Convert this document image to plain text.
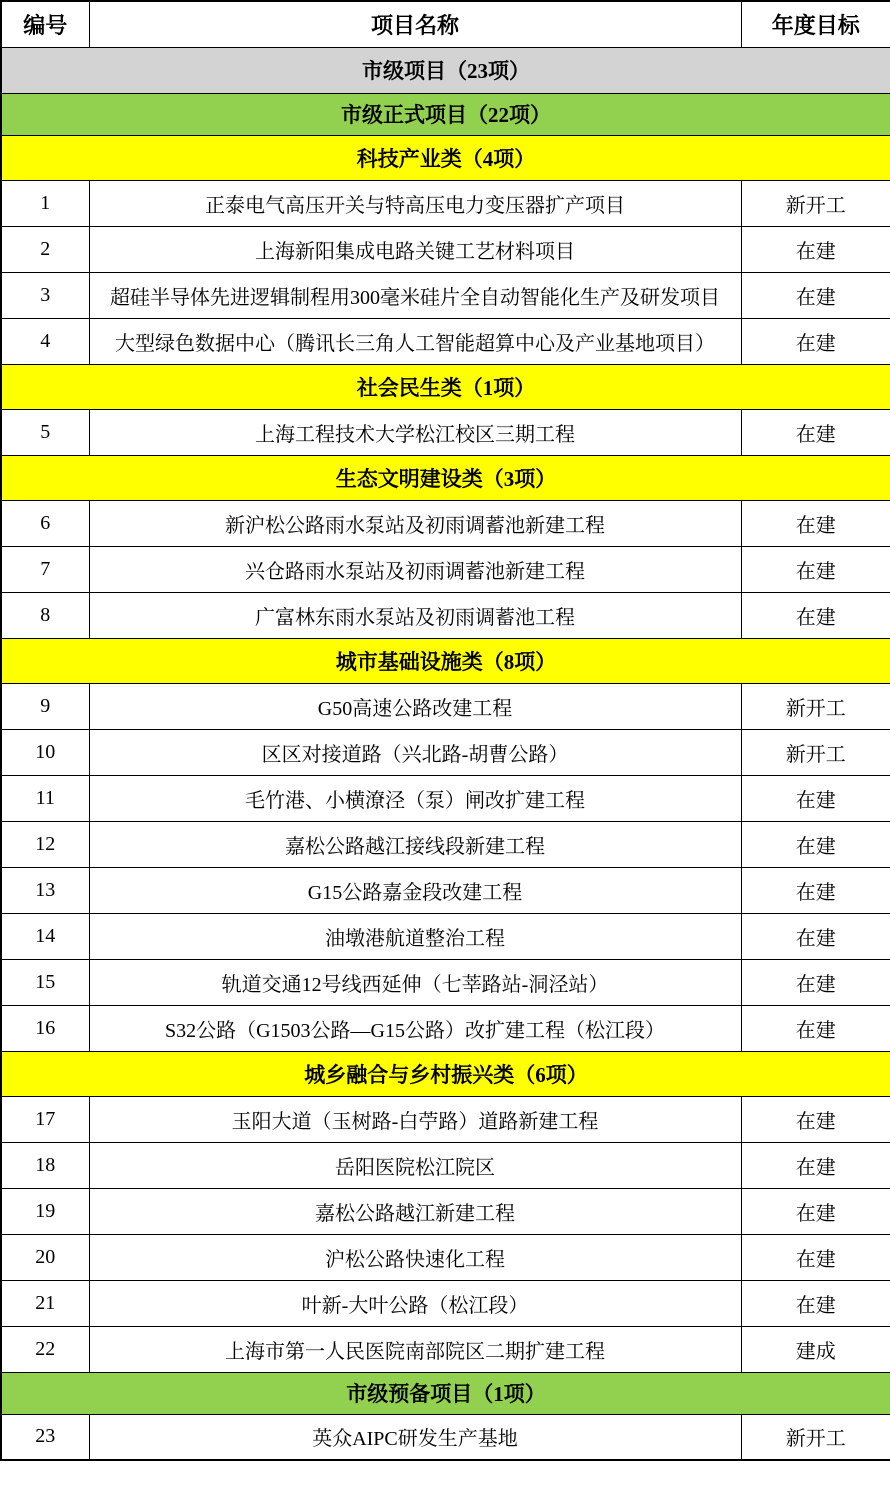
编号	项目名称	年度目标
市级项目（23项）		
市级正式项目（22项）		
科技产业类（4项）		
1	正泰电气高压开关与特高压电力变压器扩产项目	新开工
2	上海新阳集成电路关键工艺材料项目	在建
3	超硅半导体先进逻辑制程用300毫米硅片全自动智能化生产及研发项目	在建
4	大型绿色数据中心（腾讯长三角人工智能超算中心及产业基地项目）	在建
社会民生类（1项）		
5	上海工程技术大学松江校区三期工程	在建
生态文明建设类（3项）		
6	新沪松公路雨水泵站及初雨调蓄池新建工程	在建
7	兴仓路雨水泵站及初雨调蓄池新建工程	在建
8	广富林东雨水泵站及初雨调蓄池工程	在建
城市基础设施类（8项）		
9	G50高速公路改建工程	新开工
10	区区对接道路（兴北路-胡曹公路）	新开工
11	毛竹港、小横潦泾（泵）闸改扩建工程	在建
12	嘉松公路越江接线段新建工程	在建
13	G15公路嘉金段改建工程	在建
14	油墩港航道整治工程	在建
15	轨道交通12号线西延伸（七莘路站-洞泾站）	在建
16	S32公路（G1503公路—G15公路）改扩建工程（松江段）	在建
城乡融合与乡村振兴类（6项）		
17	玉阳大道（玉树路-白苧路）道路新建工程	在建
18	岳阳医院松江院区	在建
19	嘉松公路越江新建工程	在建
20	沪松公路快速化工程	在建
21	叶新-大叶公路（松江段）	在建
22	上海市第一人民医院南部院区二期扩建工程	建成
市级预备项目（1项）		
23	英众AIPC研发生产基地	新开工
